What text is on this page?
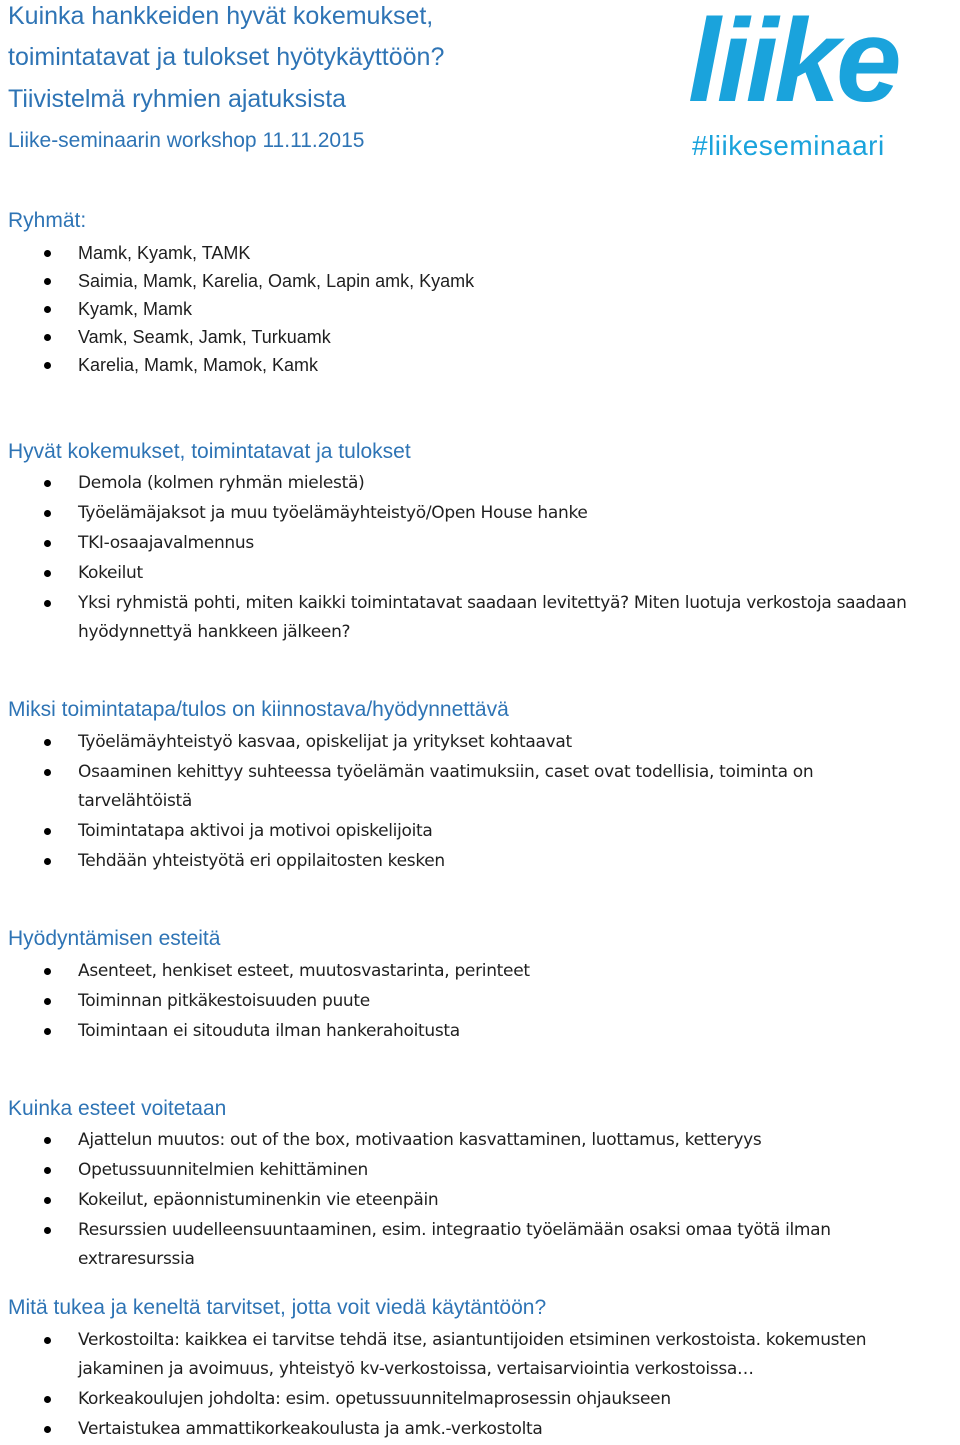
Kuinka hankkeiden hyvät kokemukset,
toimintatavat ja tulokset hyötykäyttöön?
Tiivistelmä ryhmien ajatuksista

Liike-seminaarin workshop 11.11.2015

liike
#liikeseminaari
Ryhmät:
Mamk, Kyamk, TAMK
Saimia, Mamk, Karelia, Oamk, Lapin amk, Kyamk
Kyamk, Mamk
Vamk, Seamk, Jamk, Turkuamk
Karelia, Mamk, Mamok, Kamk
Hyvät kokemukset, toimintatavat ja tulokset
Demola (kolmen ryhmän mielestä)
Työelämäjaksot ja muu työelämäyhteistyö/Open House hanke
TKI-osaajavalmennus
Kokeilut
Yksi ryhmistä pohti, miten kaikki toimintatavat saadaan levitettyä? Miten luotuja verkostoja saadaan hyödynnettyä hankkeen jälkeen?
Miksi toimintatapa/tulos on kiinnostava/hyödynnettävä
Työelämäyhteistyö kasvaa, opiskelijat ja yritykset kohtaavat
Osaaminen kehittyy suhteessa työelämän vaatimuksiin, caset ovat todellisia, toiminta on tarvelähtöistä
Toimintatapa aktivoi ja motivoi opiskelijoita
Tehdään yhteistyötä eri oppilaitosten kesken
Hyödyntämisen esteitä
Asenteet, henkiset esteet, muutosvastarinta, perinteet
Toiminnan pitkäkestoisuuden puute
Toimintaan ei sitouduta ilman hankerahoitusta
Kuinka esteet voitetaan
Ajattelun muutos: out of the box, motivaation kasvattaminen, luottamus, ketteryys
Opetussuunnitelmien kehittäminen
Kokeilut, epäonnistuminenkin vie eteenpäin
Resurssien uudelleensuuntaaminen, esim. integraatio työelämään osaksi omaa työtä ilman extraresurssia
Mitä tukea ja keneltä tarvitset, jotta voit viedä käytäntöön?
Verkostoilta: kaikkea ei tarvitse tehdä itse, asiantuntijoiden etsiminen verkostoista. kokemusten jakaminen ja avoimuus, yhteistyö kv-verkostoissa, vertaisarviointia verkostoissa…
Korkeakoulujen johdolta: esim. opetussuunnitelmaprosessin ohjaukseen
Vertaistukea ammattikorkeakoulusta ja amk.-verkostolta
